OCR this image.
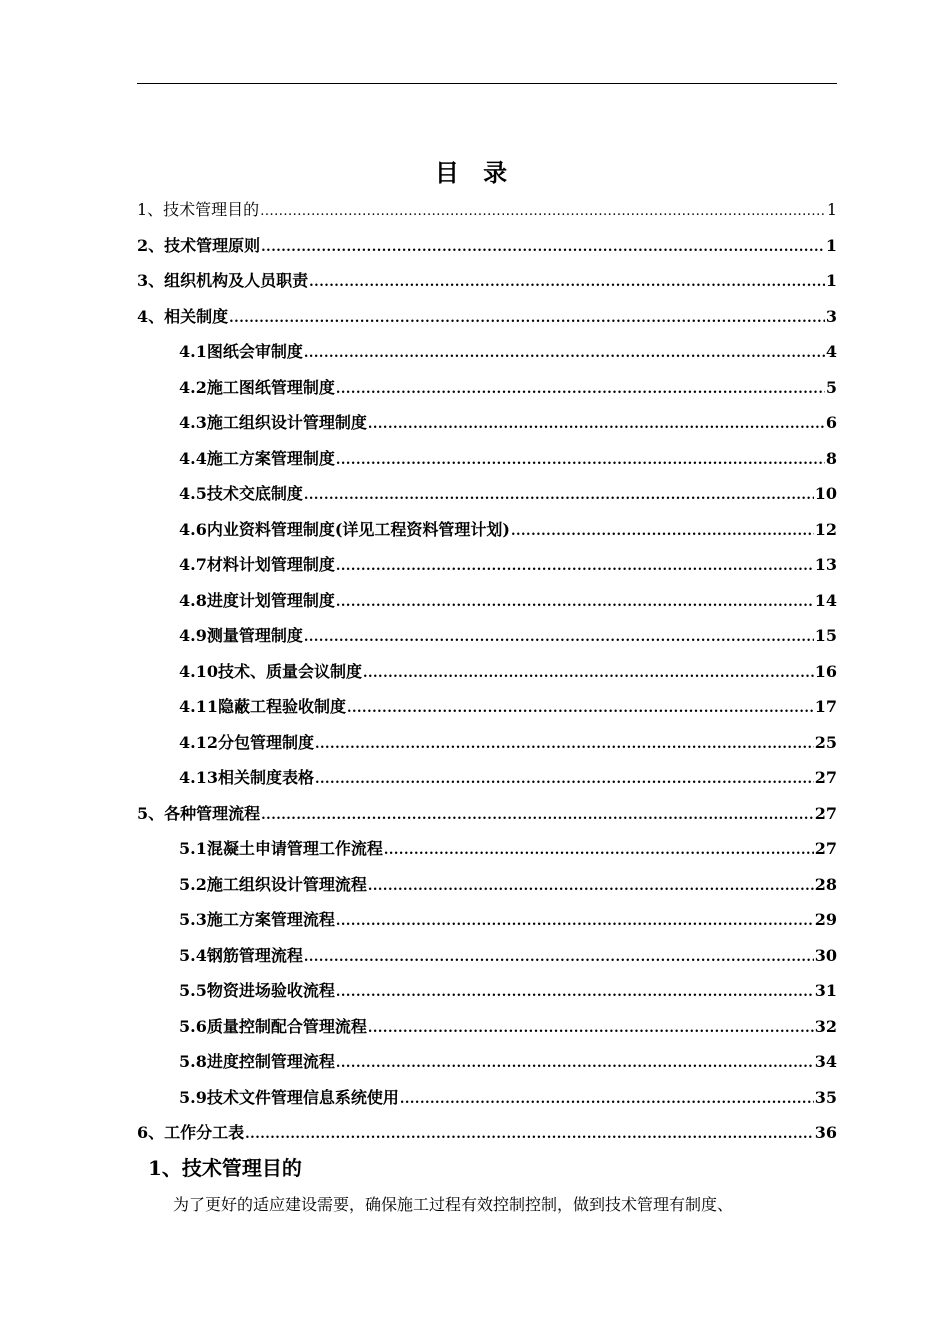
目 录
1、技术管理目的 .....	1
2、技术管理原则 .....	1
3、组织机构及人员职责 .....	1
4、相关制度 .....	3
4.1图纸会审制度 .....	4
4.2施工图纸管理制度 .....	5
4.3施工组织设计管理制度 .....	6
4.4施工方案管理制度 .....	8
4.5技术交底制度 .....	10
4.6内业资料管理制度(详见工程资料管理计划) .....	12
4.7材料计划管理制度 .....	13
4.8进度计划管理制度 .....	14
4.9测量管理制度 .....	15
4.10技术、质量会议制度 .....	16
4.11隐蔽工程验收制度 .....	17
4.12分包管理制度 .....	25
4.13相关制度表格 .....	27
5、各种管理流程 .....	27
5.1混凝土申请管理工作流程 .....	27
5.2施工组织设计管理流程 .....	28
5.3施工方案管理流程 .....	29
5.4钢筋管理流程 .....	30
5.5物资进场验收流程 .....	31
5.6质量控制配合管理流程 .....	32
5.8进度控制管理流程 .....	34
5.9技术文件管理信息系统使用 .....	35
6、工作分工表 .....	36
1、技术管理目的
为了更好的适应建设需要，确保施工过程有效控制控制，做到技术管理有制度、
